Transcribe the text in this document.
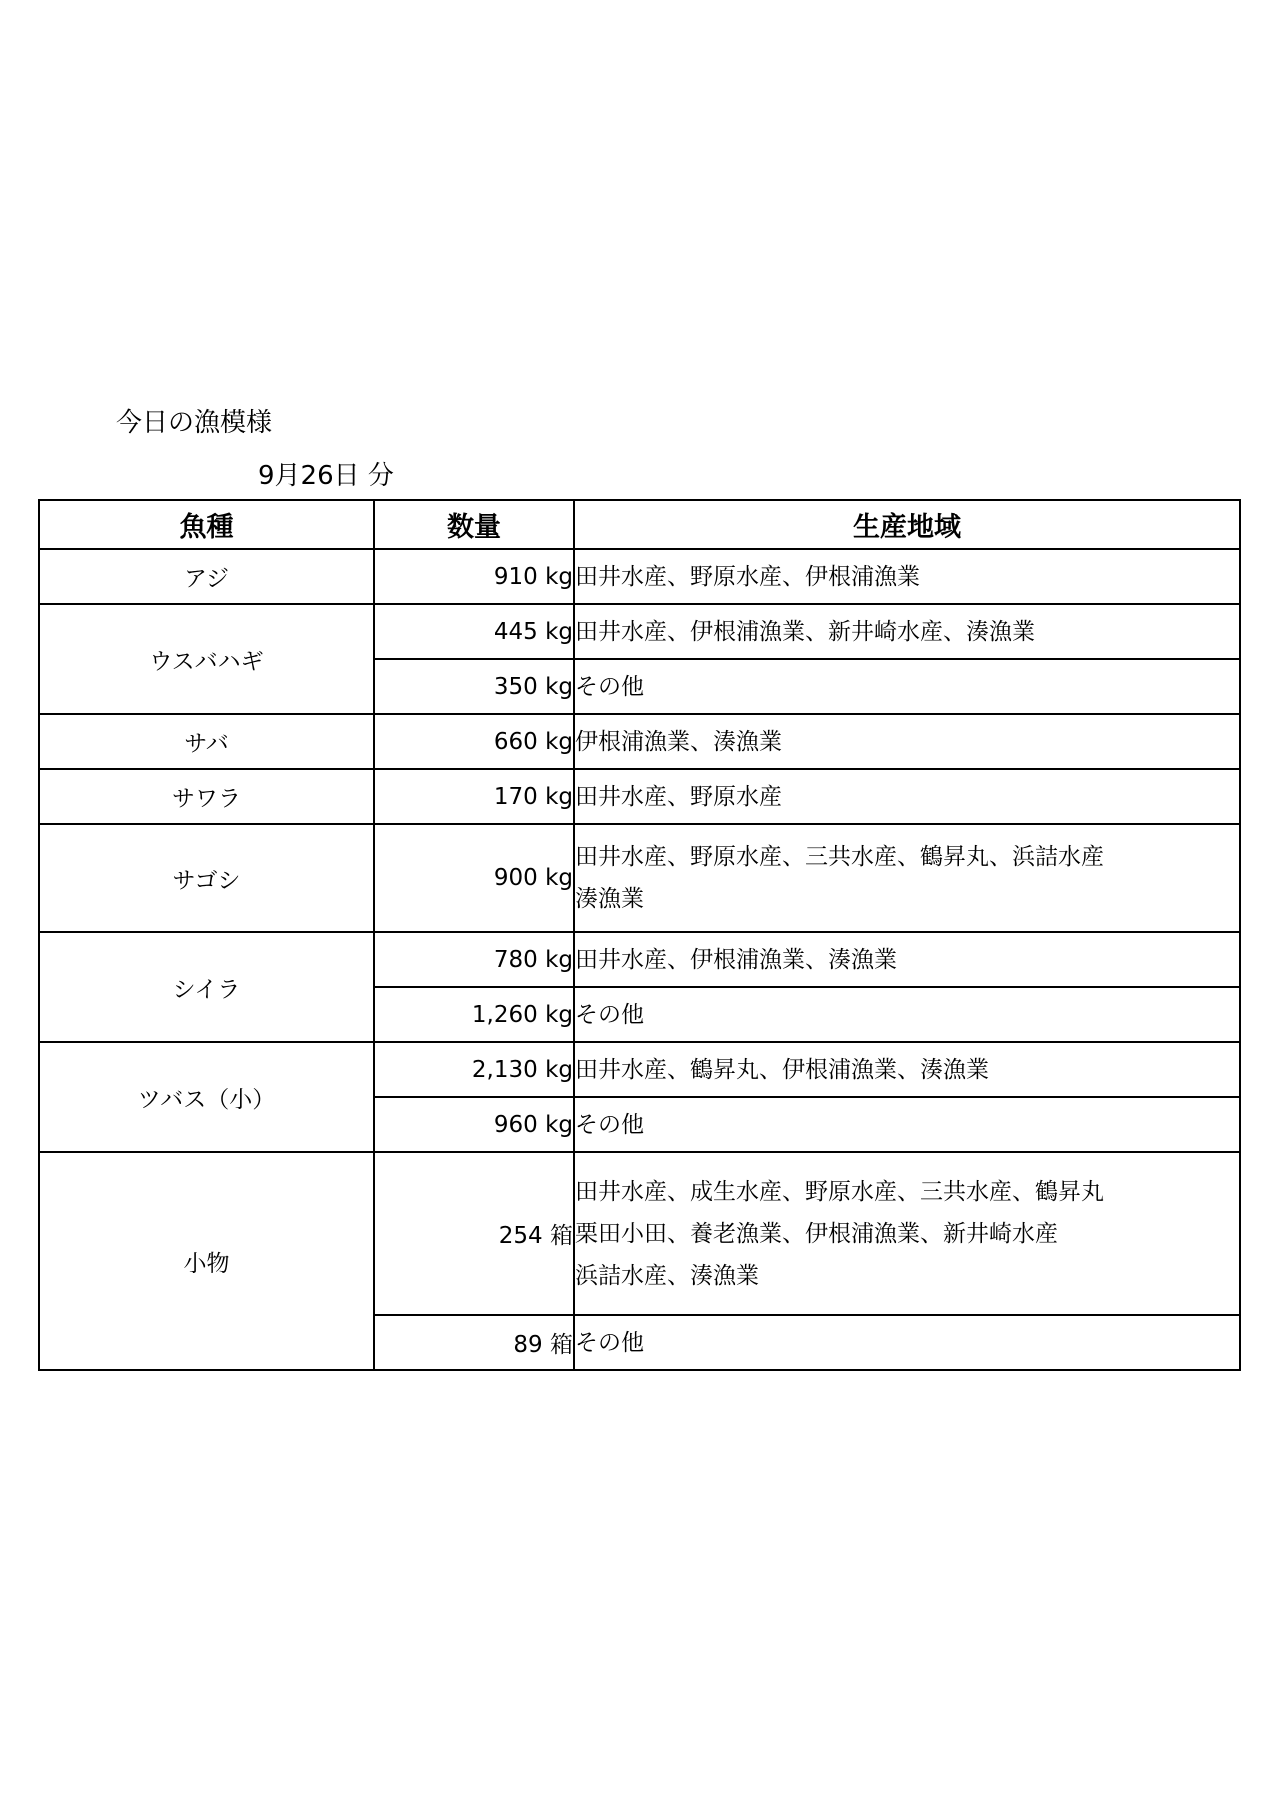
今日の漁模様
9月26日 分
魚種	数量	生産地域
アジ	910 kg	田井水産、野原水産、伊根浦漁業

ウスバハギ	445 kg	田井水産、伊根浦漁業、新井崎水産、湊漁業

	350 kg	その他

サバ	660 kg	伊根浦漁業、湊漁業

サワラ	170 kg	田井水産、野原水産

サゴシ	900 kg	田井水産、野原水産、三共水産、鶴昇丸、浜詰水産
湊漁業

シイラ	780 kg	田井水産、伊根浦漁業、湊漁業

	1,260 kg	その他

ツバス（小）	2,130 kg	田井水産、鶴昇丸、伊根浦漁業、湊漁業

	960 kg	その他

小物	254 箱	田井水産、成生水産、野原水産、三共水産、鶴昇丸
栗田小田、養老漁業、伊根浦漁業、新井崎水産
浜詰水産、湊漁業

	89 箱	その他
